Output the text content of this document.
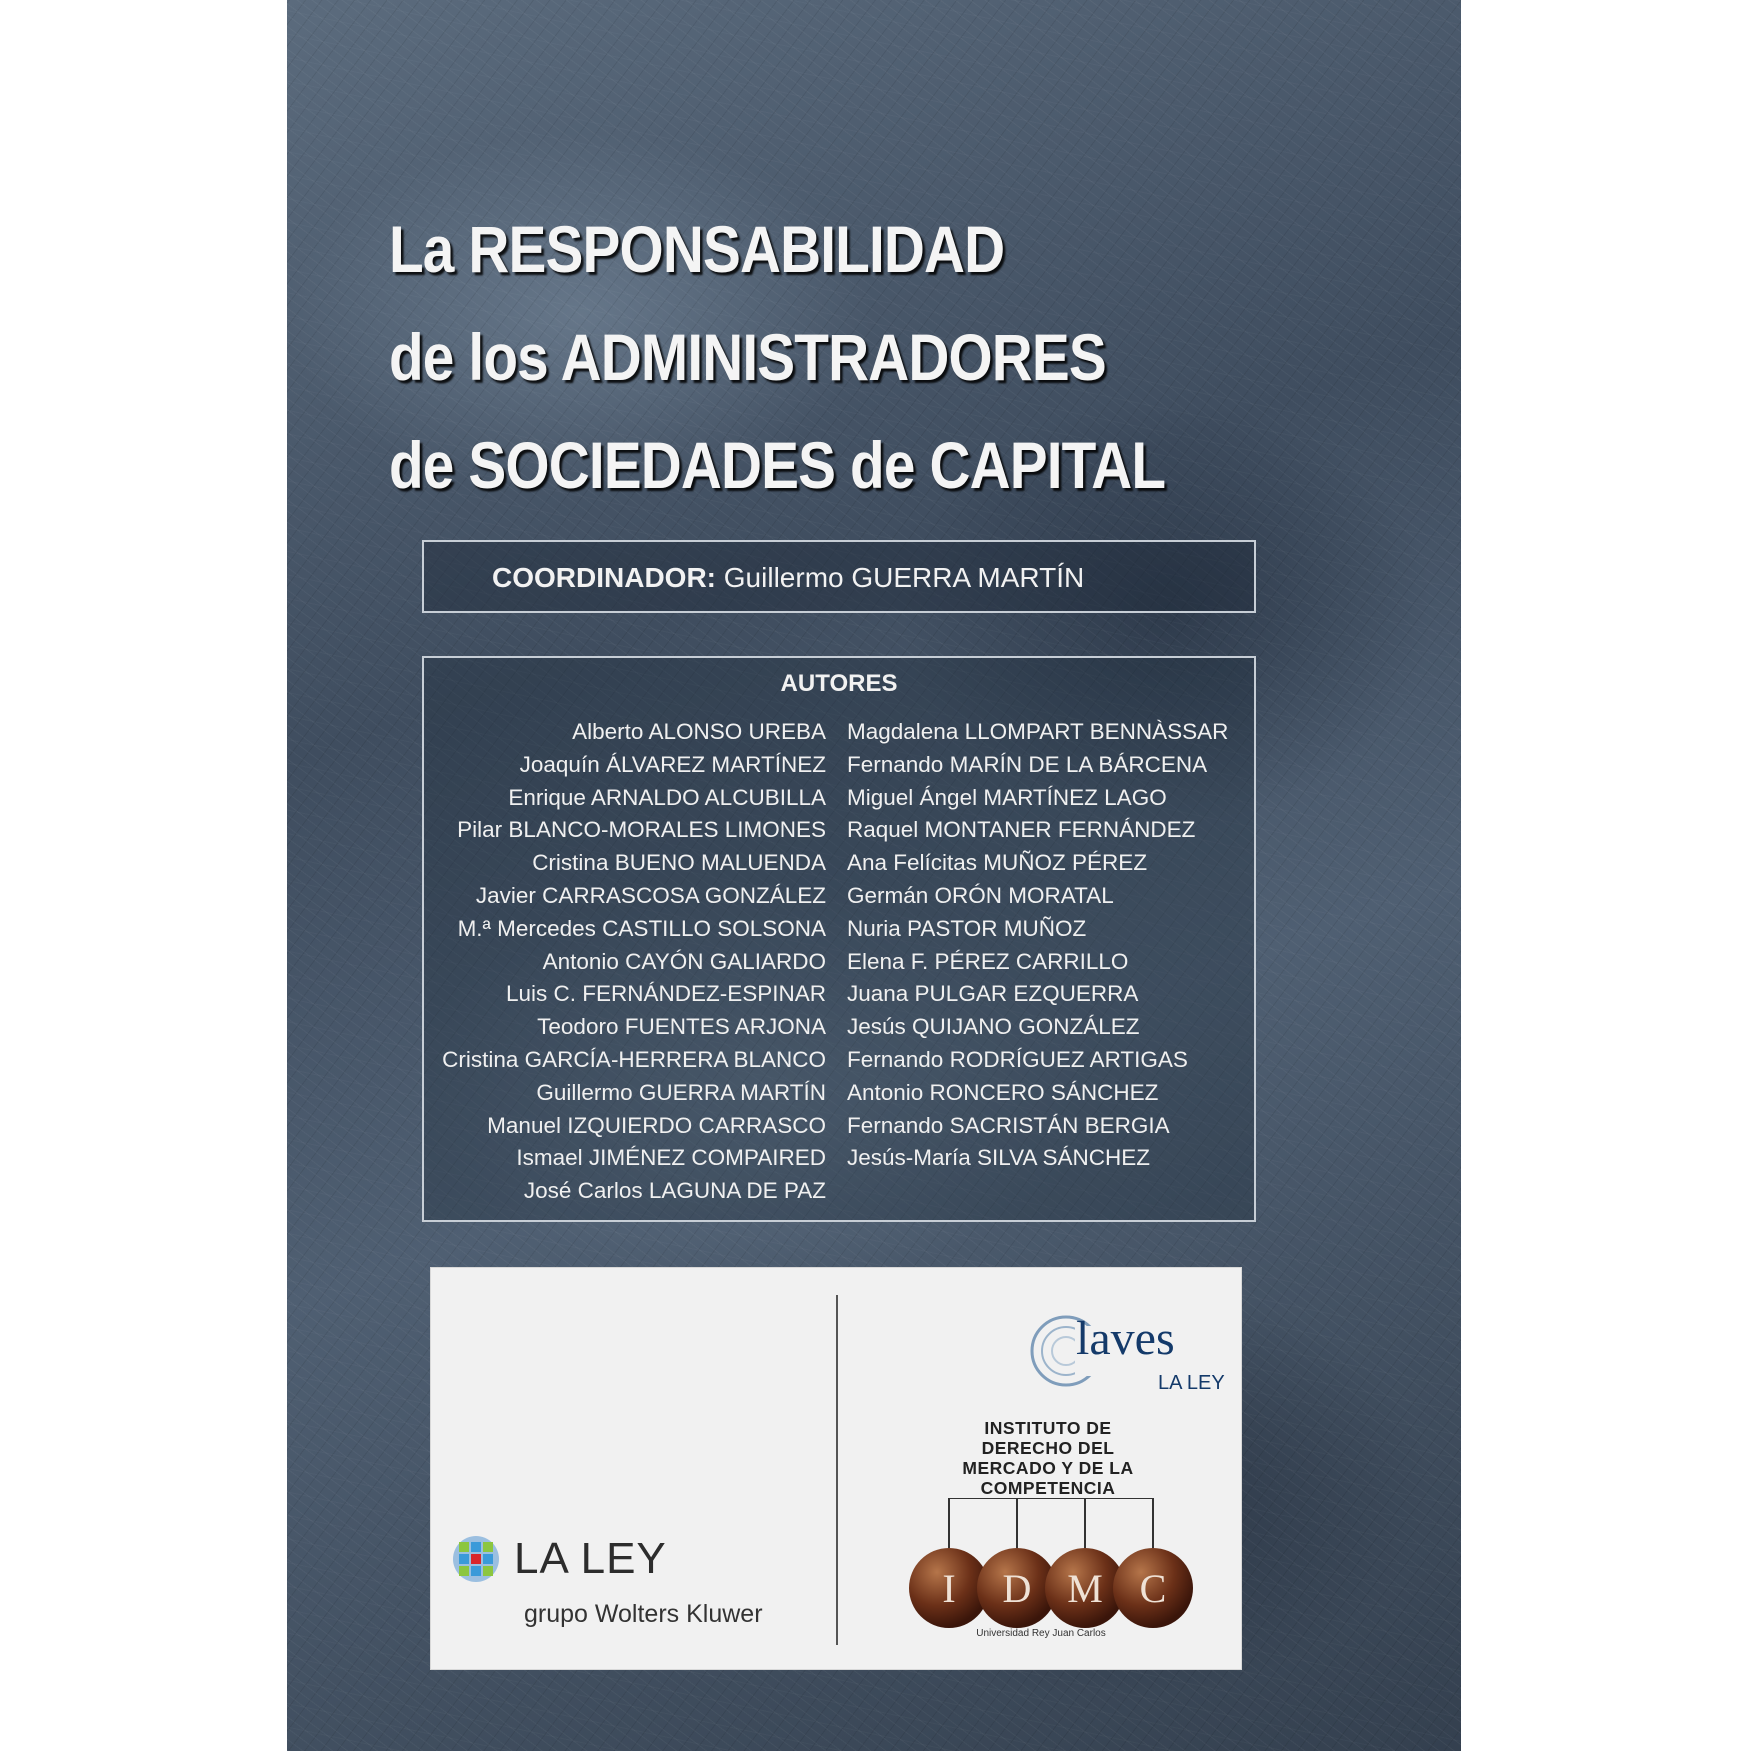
La RESPONSABILIDAD
de los ADMINISTRADORES
de SOCIEDADES de CAPITAL
COORDINADOR: Guillermo GUERRA MARTÍN
AUTORES
Alberto ALONSO UREBA
Joaquín ÁLVAREZ MARTÍNEZ
Enrique ARNALDO ALCUBILLA
Pilar BLANCO-MORALES LIMONES
Cristina BUENO MALUENDA
Javier CARRASCOSA GONZÁLEZ
M.ª Mercedes CASTILLO SOLSONA
Antonio CAYÓN GALIARDO
Luis C. FERNÁNDEZ-ESPINAR
Teodoro FUENTES ARJONA
Cristina GARCÍA-HERRERA BLANCO
Guillermo GUERRA MARTÍN
Manuel IZQUIERDO CARRASCO
Ismael JIMÉNEZ COMPAIRED
José Carlos LAGUNA DE PAZ
Magdalena LLOMPART BENNÀSSAR
Fernando MARÍN DE LA BÁRCENA
Miguel Ángel MARTÍNEZ LAGO
Raquel MONTANER FERNÁNDEZ
Ana Felícitas MUÑOZ PÉREZ
Germán ORÓN MORATAL
Nuria PASTOR MUÑOZ
Elena F. PÉREZ CARRILLO
Juana PULGAR EZQUERRA
Jesús QUIJANO GONZÁLEZ
Fernando RODRÍGUEZ ARTIGAS
Antonio RONCERO SÁNCHEZ
Fernando SACRISTÁN BERGIA
Jesús-María SILVA SÁNCHEZ
LA LEY
grupo Wolters Kluwer
laves
LA LEY
INSTITUTO DE
DERECHO DEL
MERCADO Y DE LA
COMPETENCIA
I D M C
Universidad Rey Juan Carlos
